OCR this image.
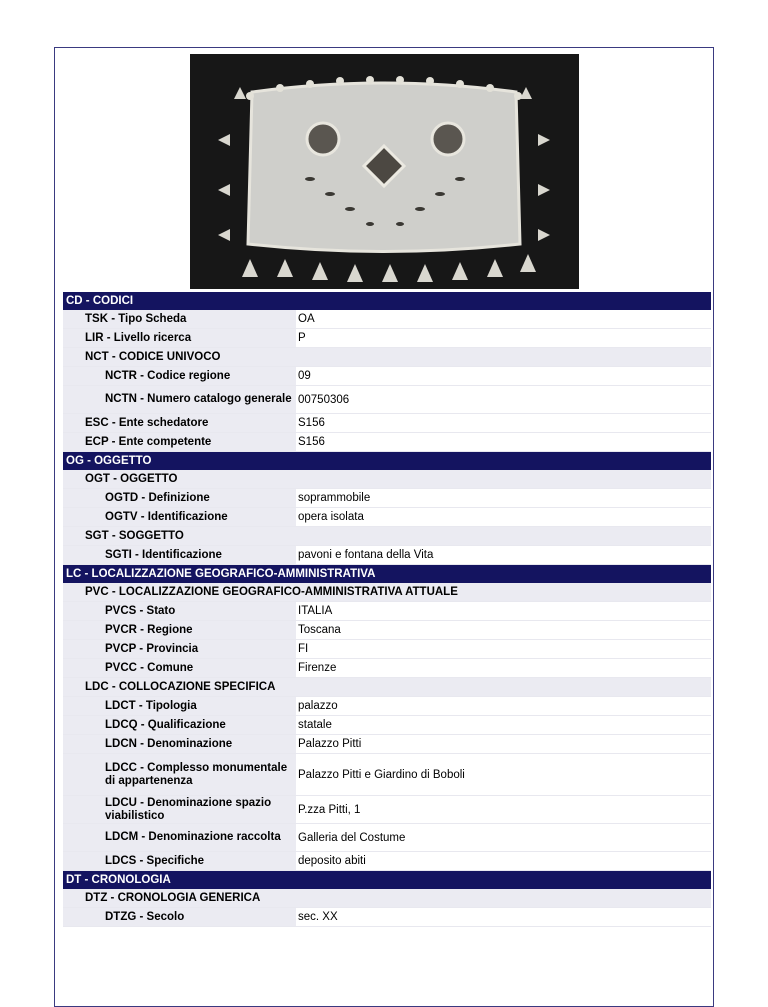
CD - CODICI
TSK - Tipo Scheda	OA
LIR - Livello ricerca	P
NCT - CODICE UNIVOCO
NCTR - Codice regione	09
NCTN - Numero catalogo generale 00750306
ESC - Ente schedatore	S156
ECP - Ente competente	S156
OG - OGGETTO
OGT - OGGETTO
OGTD - Definizione	soprammobile
OGTV - Identificazione	opera isolata
SGT - SOGGETTO
SGTI - Identificazione	pavoni e fontana della Vita
LC - LOCALIZZAZIONE GEOGRAFICO-AMMINISTRATIVA
PVC - LOCALIZZAZIONE GEOGRAFICO-AMMINISTRATIVA ATTUALE
PVCS - Stato	ITALIA
PVCR - Regione	Toscana
PVCP - Provincia	FI
PVCC - Comune	Firenze
LDC - COLLOCAZIONE SPECIFICA
LDCT - Tipologia	palazzo
LDCQ - Qualificazione	statale
LDCN - Denominazione	Palazzo Pitti
LDCC - Complesso monumentale di appartenenza	Palazzo Pitti e Giardino di Boboli
LDCU - Denominazione spazio viabilistico	P.zza Pitti, 1
LDCM - Denominazione raccolta	Galleria del Costume
LDCS - Specifiche	deposito abiti
DT - CRONOLOGIA
DTZ - CRONOLOGIA GENERICA
DTZG - Secolo	sec. XX
